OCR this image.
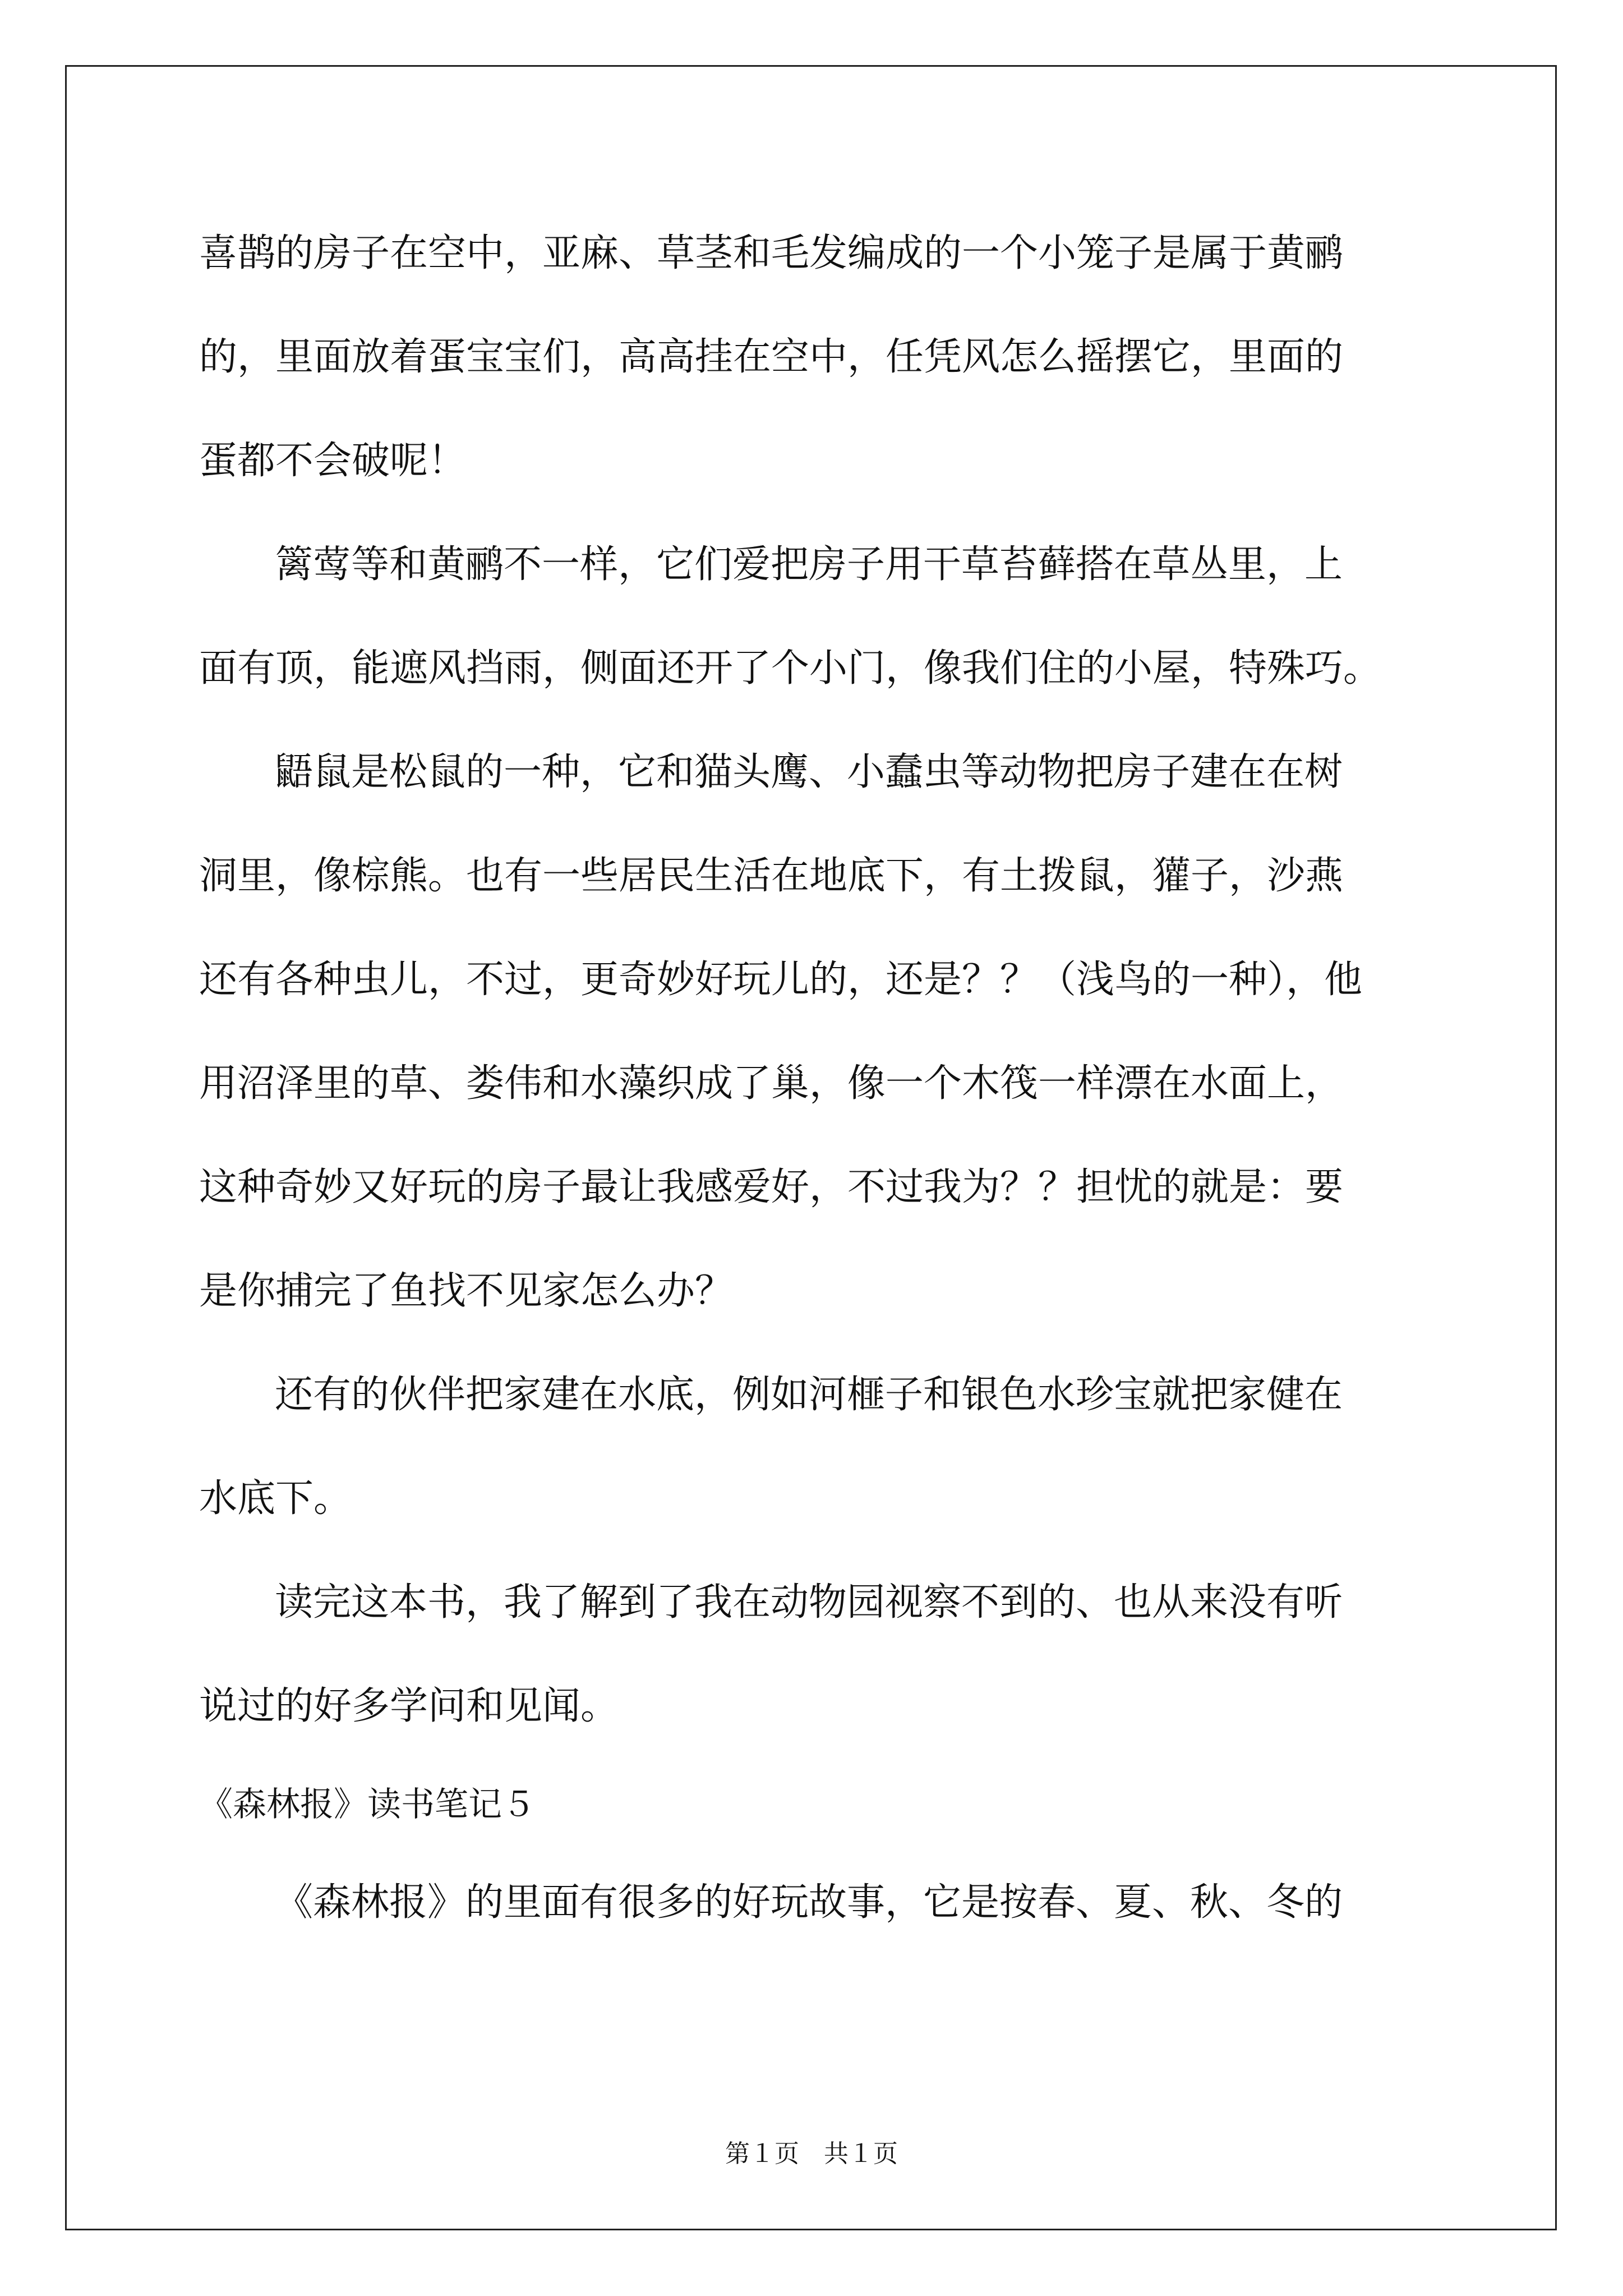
喜鹊的房子在空中，亚麻、草茎和毛发编成的一个小笼子是属于黄鹂
的，里面放着蛋宝宝们，高高挂在空中，任凭风怎么摇摆它，里面的
蛋都不会破呢！
篱莺等和黄鹂不一样，它们爱把房子用干草苔藓搭在草丛里，上
面有顶，能遮风挡雨，侧面还开了个小门，像我们住的小屋，特殊巧。
鼯鼠是松鼠的一种，它和猫头鹰、小蠢虫等动物把房子建在在树
洞里，像棕熊。也有一些居民生活在地底下，有土拨鼠，獾子，沙燕
还有各种虫儿，不过，更奇妙好玩儿的，还是？？（浅鸟的一种），他
用沼泽里的草、娄伟和水藻织成了巢，像一个木筏一样漂在水面上，
这种奇妙又好玩的房子最让我感爱好，不过我为？？担忧的就是：要
是你捕完了鱼找不见家怎么办？
还有的伙伴把家建在水底，例如河榧子和银色水珍宝就把家健在
水底下。
读完这本书，我了解到了我在动物园视察不到的、也从来没有听
说过的好多学问和见闻。
《森林报》读书笔记５
《森林报》的里面有很多的好玩故事，它是按春、夏、秋、冬的
第１页　共１页
